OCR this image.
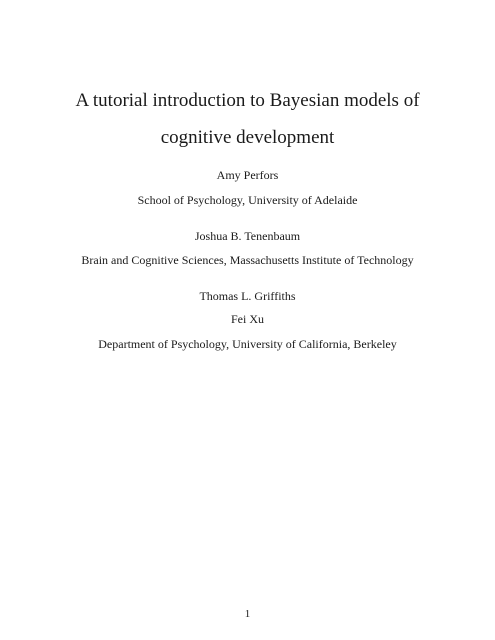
A tutorial introduction to Bayesian models of
cognitive development
Amy Perfors
School of Psychology, University of Adelaide
Joshua B. Tenenbaum
Brain and Cognitive Sciences, Massachusetts Institute of Technology
Thomas L. Griffiths
Fei Xu
Department of Psychology, University of California, Berkeley
1
